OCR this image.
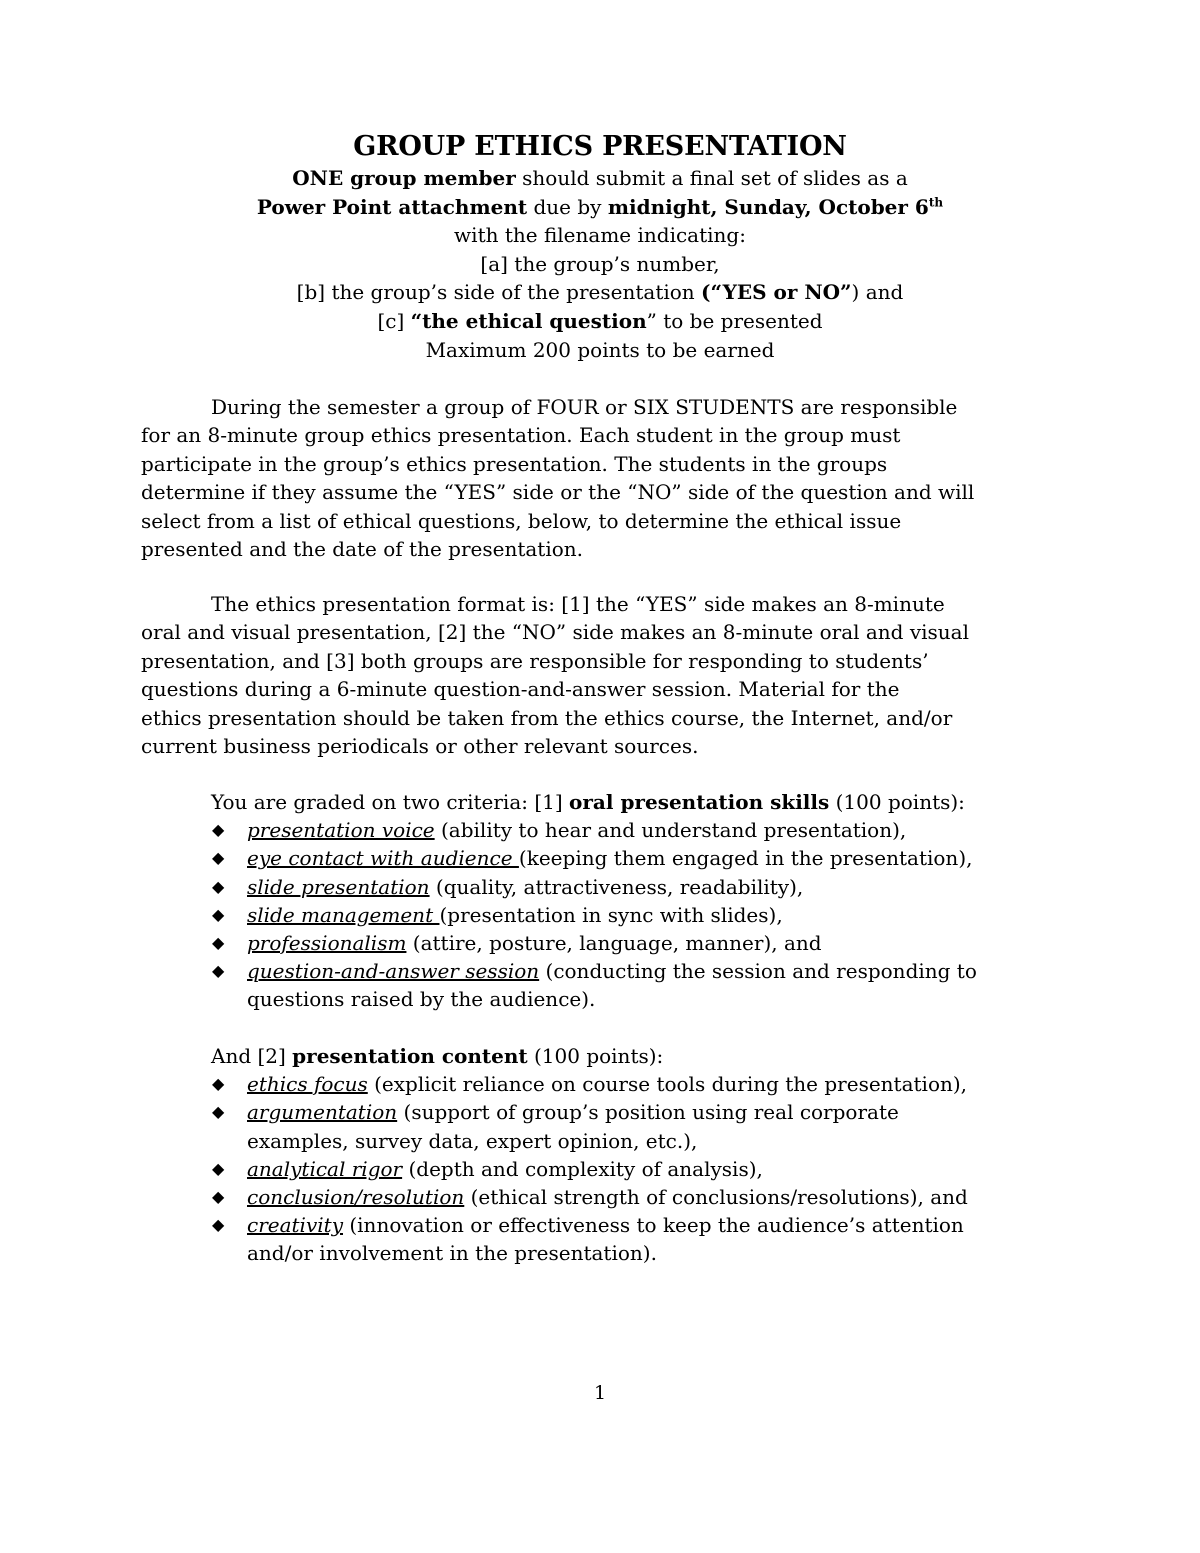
GROUP ETHICS PRESENTATION
ONE group member should submit a final set of slides as a
Power Point attachment due by midnight, Sunday, October 6th
with the filename indicating:
[a] the group’s number,
[b] the group’s side of the presentation (“YES or NO”) and
[c] “the ethical question” to be presented
Maximum 200 points to be earned
During the semester a group of FOUR or SIX STUDENTS are responsible
for an 8-minute group ethics presentation. Each student in the group must
participate in the group’s ethics presentation. The students in the groups
determine if they assume the “YES” side or the “NO” side of the question and will
select from a list of ethical questions, below, to determine the ethical issue
presented and the date of the presentation.
The ethics presentation format is: [1] the “YES” side makes an 8-minute
oral and visual presentation, [2] the “NO” side makes an 8-minute oral and visual
presentation, and [3] both groups are responsible for responding to students’
questions during a 6-minute question-and-answer session. Material for the
ethics presentation should be taken from the ethics course, the Internet, and/or
current business periodicals or other relevant sources.
You are graded on two criteria: [1] oral presentation skills (100 points):
◆ presentation voice (ability to hear and understand presentation),
◆ eye contact with audience (keeping them engaged in the presentation),
◆ slide presentation (quality, attractiveness, readability),
◆ slide management (presentation in sync with slides),
◆ professionalism (attire, posture, language, manner), and
◆ question-and-answer session (conducting the session and responding to
questions raised by the audience).
And [2] presentation content (100 points):
◆ ethics focus (explicit reliance on course tools during the presentation),
◆ argumentation (support of group’s position using real corporate
examples, survey data, expert opinion, etc.),
◆ analytical rigor (depth and complexity of analysis),
◆ conclusion/resolution (ethical strength of conclusions/resolutions), and
◆ creativity (innovation or effectiveness to keep the audience’s attention
and/or involvement in the presentation).
1
